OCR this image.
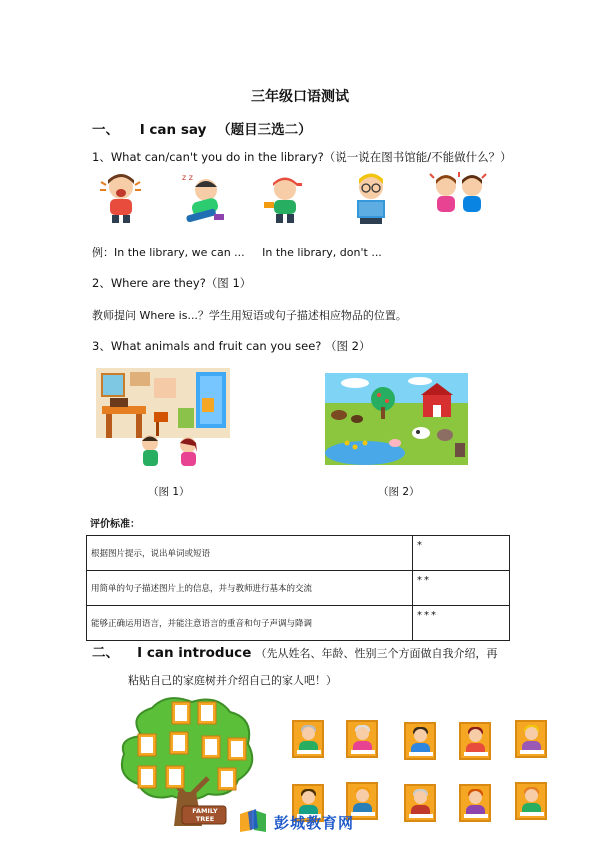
三年级口语测试
一、 I can say （题目三选二）
1、What can/can't you do in the library?（说一说在图书馆能/不能做什么？）
z z
例：In the library, we can ... In the library, don't ...
2、Where are they?（图 1）
教师提问 Where is...？学生用短语或句子描述相应物品的位置。
3、What animals and fruit can you see? （图 2）
（图 1）	（图 2）
评价标准：
根据图片提示，说出单词或短语	*
用简单的句子描述图片上的信息，并与教师进行基本的交流	**
能够正确运用语言，并能注意语言的重音和句子声调与降调	***
二、 I can introduce （先从姓名、年龄、性别三个方面做自我介绍，再
粘贴自己的家庭树并介绍自己的家人吧！）
FAMILY
TREE	彭城教育网
